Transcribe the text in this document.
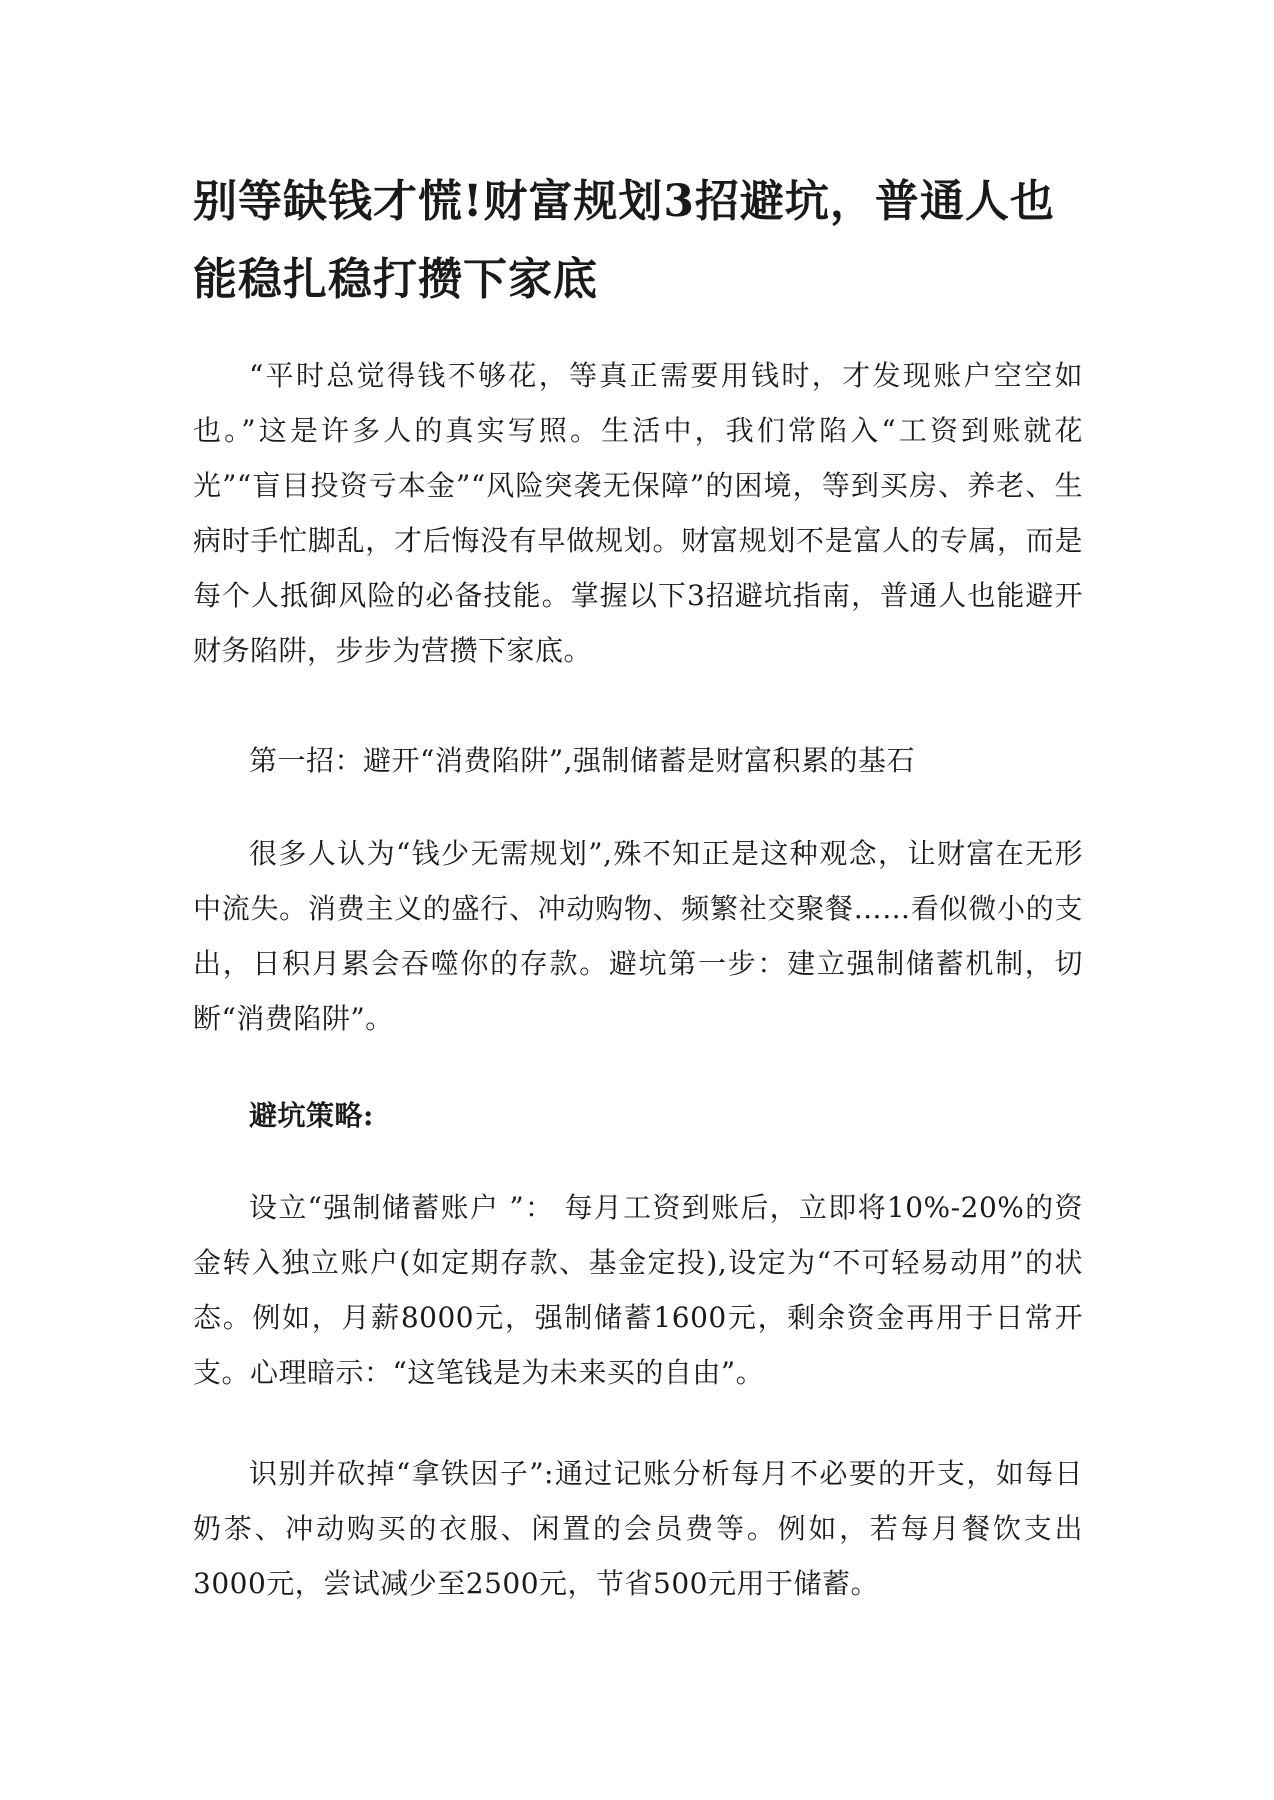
别等缺钱才慌!财富规划3招避坑，普通人也能稳扎稳打攒下家底

“平时总觉得钱不够花，等真正需要用钱时，才发现账户空空如也。”这是许多人的真实写照。生活中，我们常陷入“工资到账就花光”“盲目投资亏本金”“风险突袭无保障”的困境，等到买房、养老、生病时手忙脚乱，才后悔没有早做规划。财富规划不是富人的专属，而是每个人抵御风险的必备技能。掌握以下3招避坑指南，普通人也能避开财务陷阱，步步为营攒下家底。

第一招：避开“消费陷阱”,强制储蓄是财富积累的基石

很多人认为“钱少无需规划”,殊不知正是这种观念，让财富在无形中流失。消费主义的盛行、冲动购物、频繁社交聚餐……看似微小的支出，日积月累会吞噬你的存款。避坑第一步：建立强制储蓄机制，切断“消费陷阱”。

避坑策略:

设立“强制储蓄账户 ”： 每月工资到账后，立即将10%-20%的资金转入独立账户(如定期存款、基金定投),设定为“不可轻易动用”的状态。例如，月薪8000元，强制储蓄1600元，剩余资金再用于日常开支。心理暗示：“这笔钱是为未来买的自由”。

识别并砍掉“拿铁因子”:通过记账分析每月不必要的开支，如每日奶茶、冲动购买的衣服、闲置的会员费等。例如，若每月餐饮支出3000元，尝试减少至2500元，节省500元用于储蓄。
